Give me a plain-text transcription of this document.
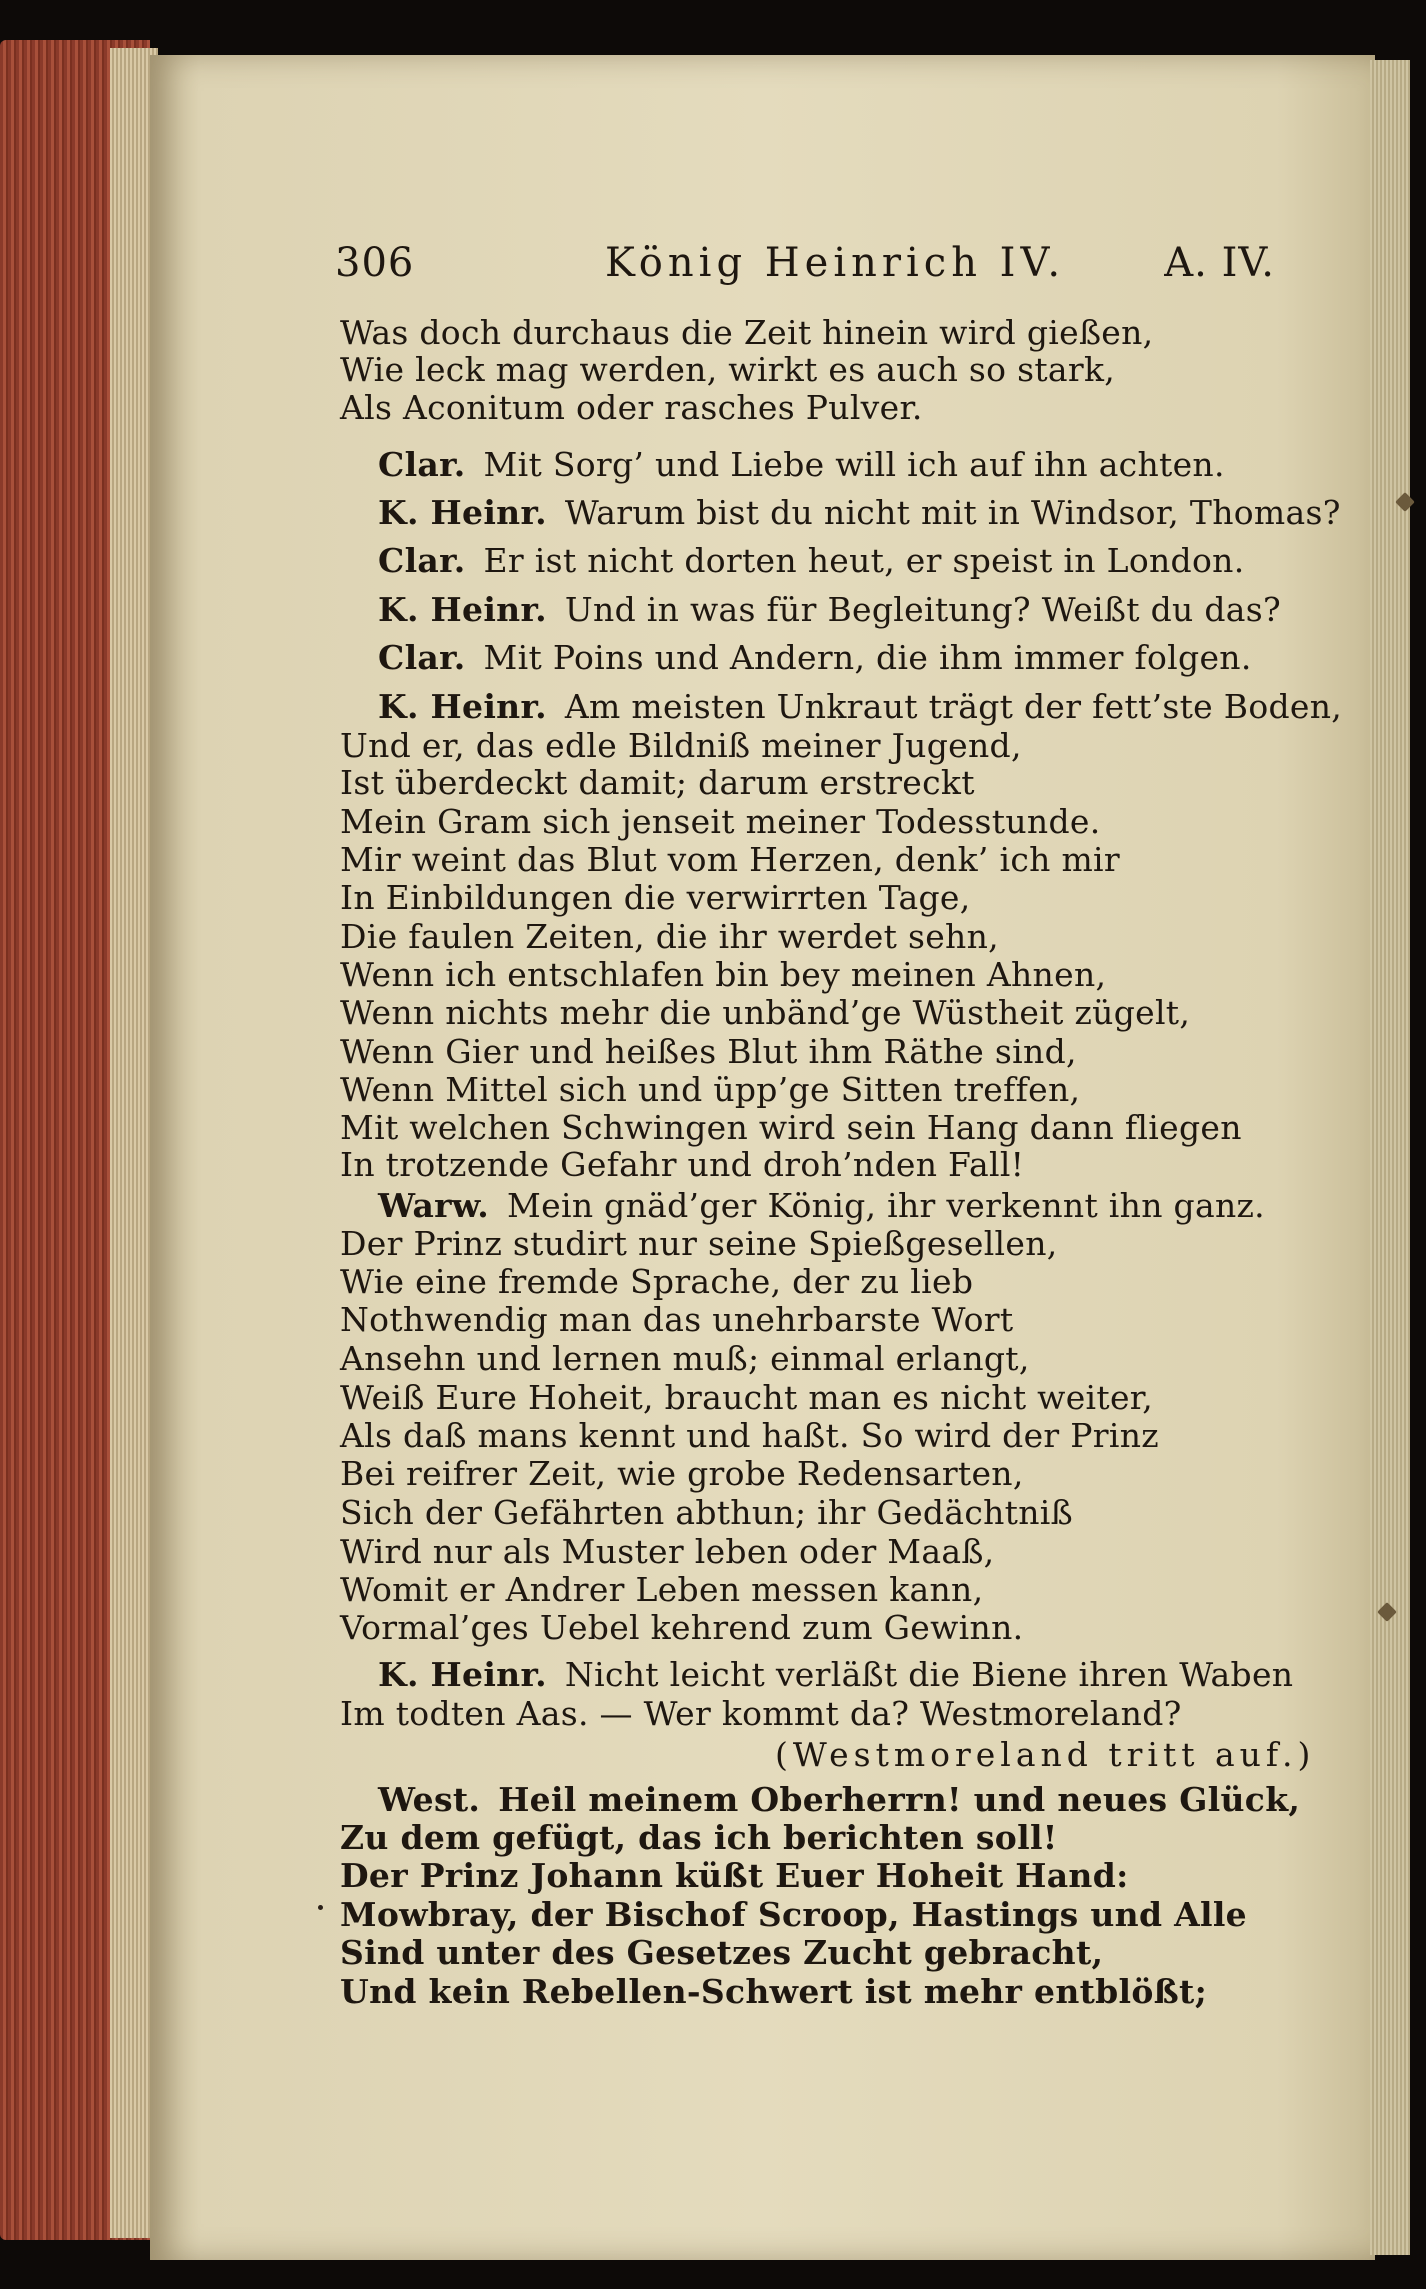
306	König Heinrich IV. A. IV.
Was doch durchaus die Zeit hinein wird gießen,
Wie leck mag werden, wirkt es auch so stark,
Als Aconitum oder rasches Pulver.
Clar. Mit Sorg’ und Liebe will ich auf ihn achten.
K. Heinr. Warum bist du nicht mit in Windsor, Thomas?
Clar. Er ist nicht dorten heut, er speist in London.
K. Heinr. Und in was für Begleitung? Weißt du das?
Clar. Mit Poins und Andern, die ihm immer folgen.
K. Heinr. Am meisten Unkraut trägt der fett’ste Boden,
Und er, das edle Bildniß meiner Jugend,
Ist überdeckt damit; darum erstreckt
Mein Gram sich jenseit meiner Todesstunde.
Mir weint das Blut vom Herzen, denk’ ich mir
In Einbildungen die verwirrten Tage,
Die faulen Zeiten, die ihr werdet sehn,
Wenn ich entschlafen bin bey meinen Ahnen,
Wenn nichts mehr die unbänd’ge Wüstheit zügelt,
Wenn Gier und heißes Blut ihm Räthe sind,
Wenn Mittel sich und üpp’ge Sitten treffen,
Mit welchen Schwingen wird sein Hang dann fliegen
In trotzende Gefahr und droh’nden Fall!
Warw. Mein gnäd’ger König, ihr verkennt ihn ganz.
Der Prinz studirt nur seine Spießgesellen,
Wie eine fremde Sprache, der zu lieb
Nothwendig man das unehrbarste Wort
Ansehn und lernen muß; einmal erlangt,
Weiß Eure Hoheit, braucht man es nicht weiter,
Als daß mans kennt und haßt. So wird der Prinz
Bei reifrer Zeit, wie grobe Redensarten,
Sich der Gefährten abthun; ihr Gedächtniß
Wird nur als Muster leben oder Maaß,
Womit er Andrer Leben messen kann,
Vormal’ges Uebel kehrend zum Gewinn.
K. Heinr. Nicht leicht verläßt die Biene ihren Waben
Im todten Aas. — Wer kommt da? Westmoreland?
(Westmoreland tritt auf.)
West. Heil meinem Oberherrn! und neues Glück,
Zu dem gefügt, das ich berichten soll!
Der Prinz Johann küßt Euer Hoheit Hand:
Mowbray, der Bischof Scroop, Hastings und Alle
Sind unter des Gesetzes Zucht gebracht,
Und kein Rebellen-Schwert ist mehr entblößt;
